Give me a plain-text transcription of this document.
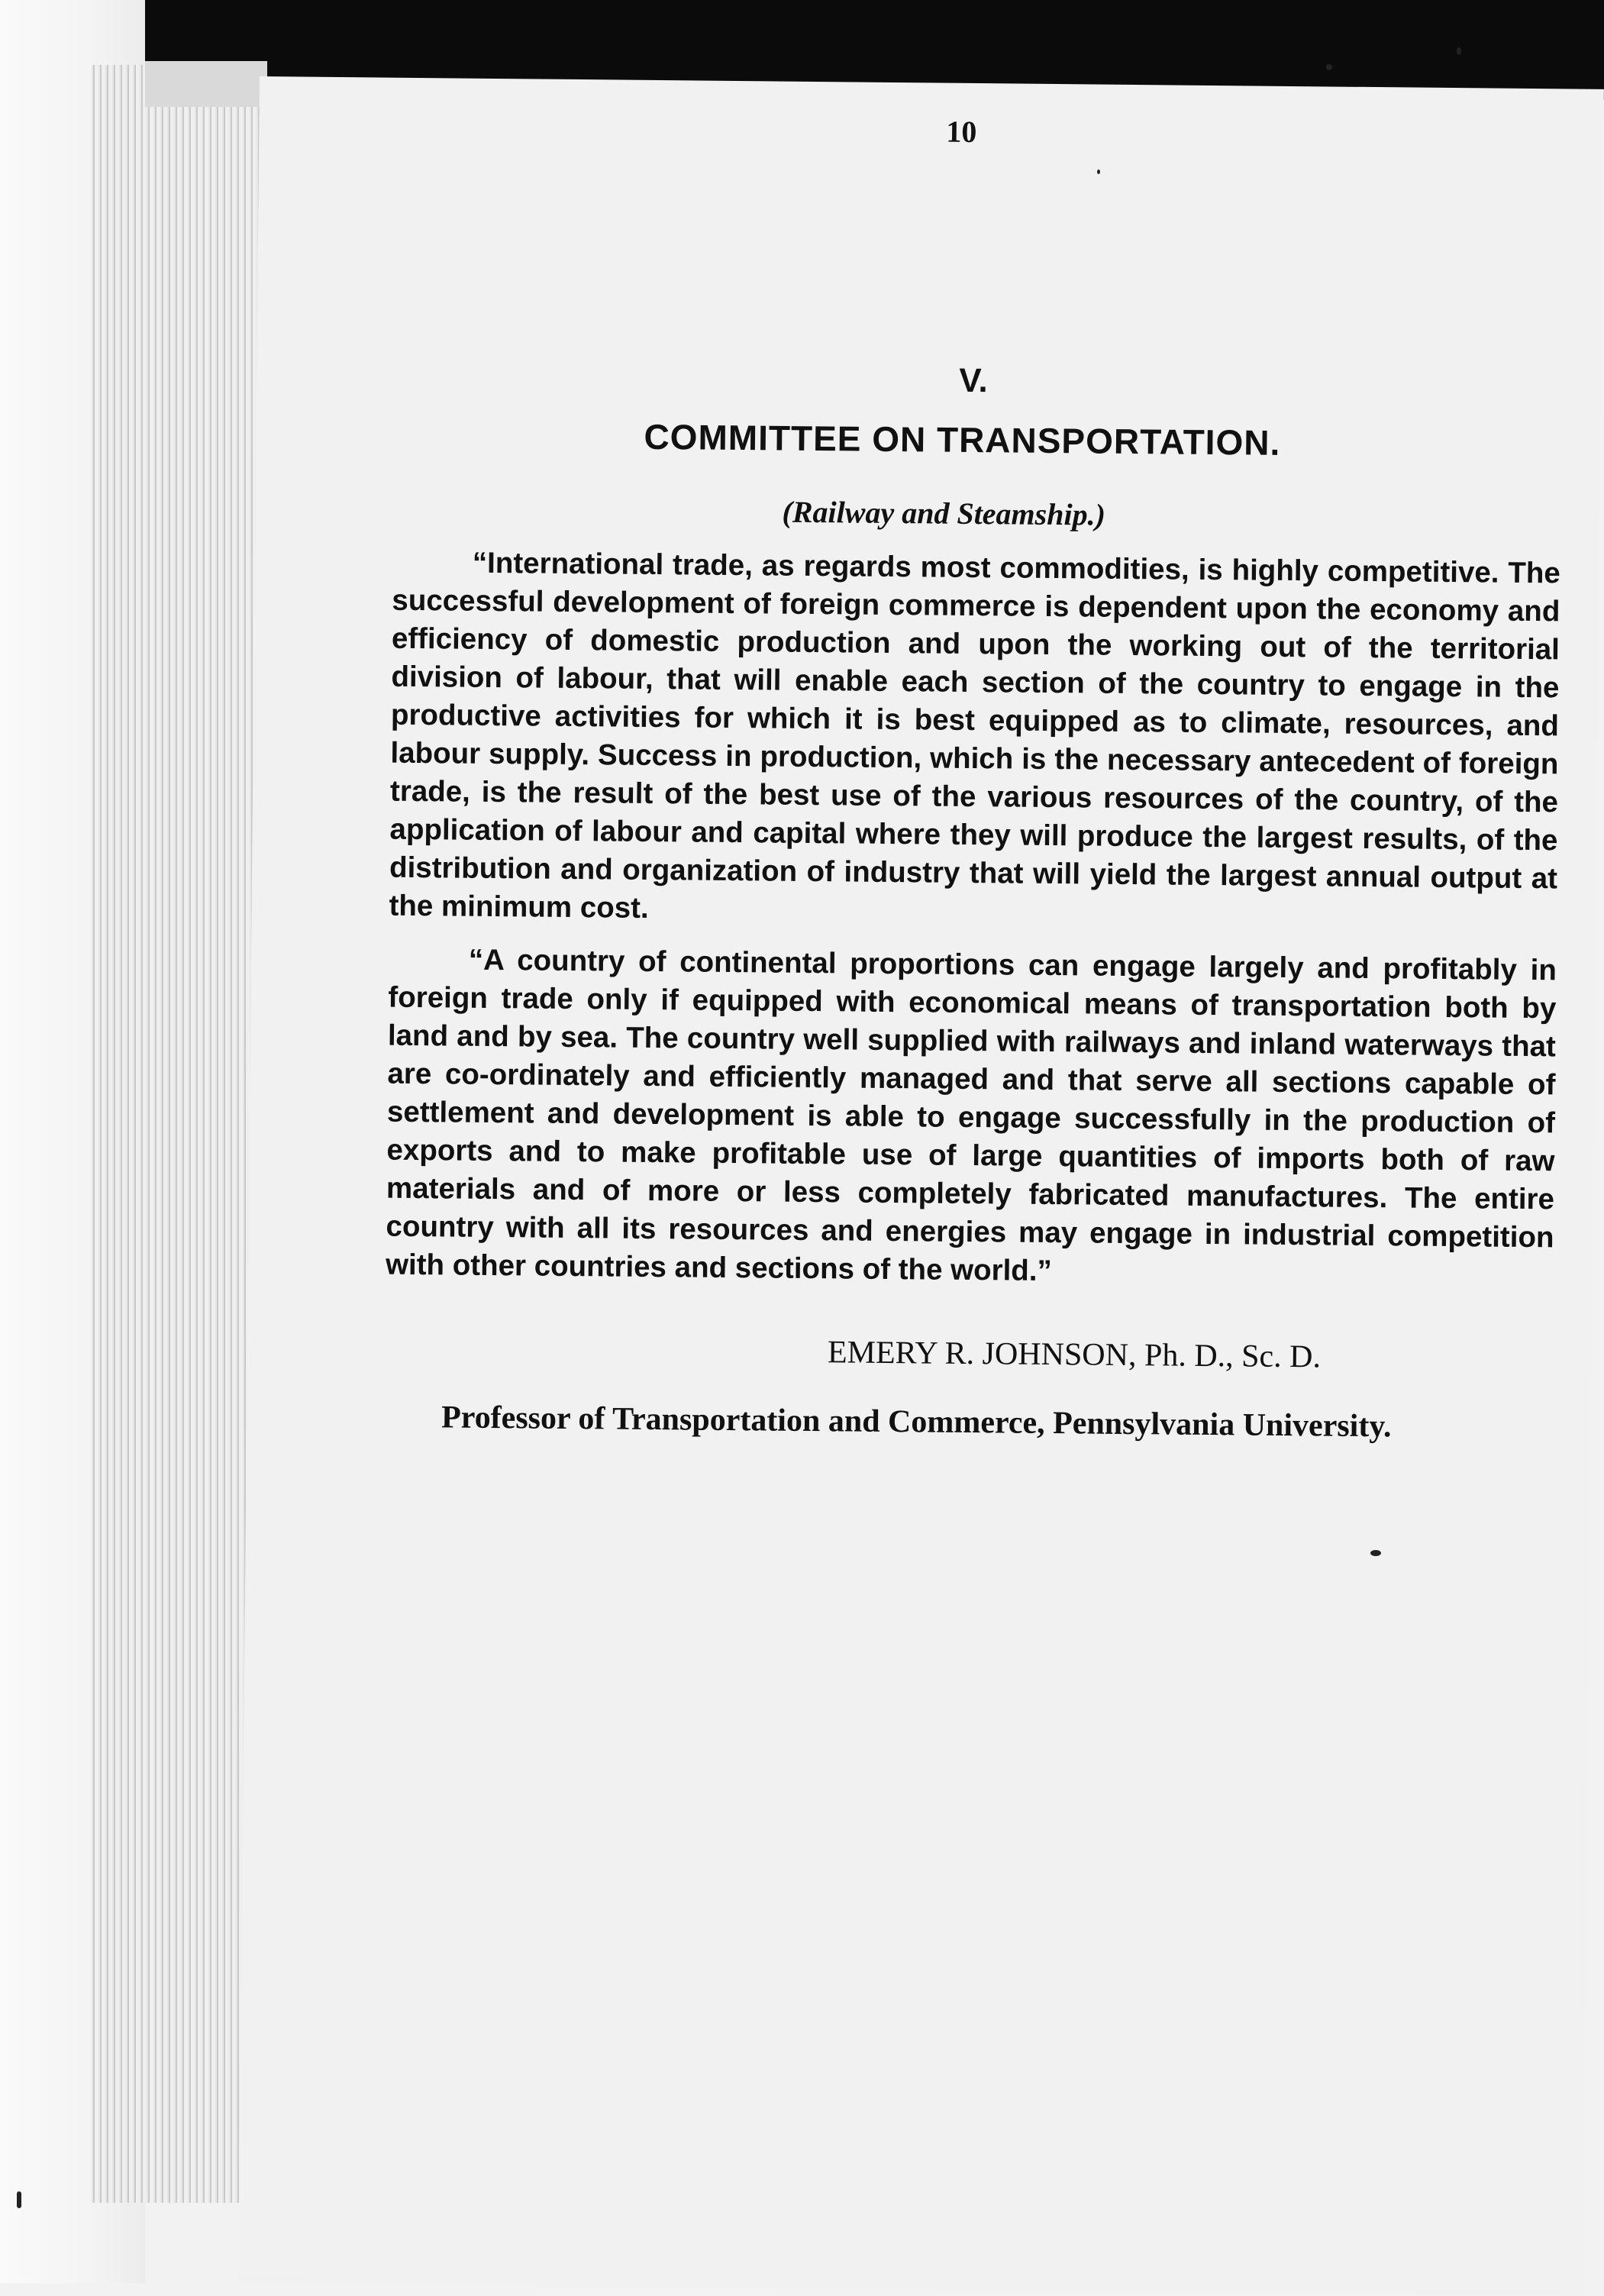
10
V.
COMMITTEE ON TRANSPORTATION.
(Railway and Steamship.)

“International trade, as regards most commodities, is highly competitive. The successful development of foreign commerce is dependent upon the economy and efficiency of domestic production and upon the working out of the territorial division of labour, that will enable each section of the country to engage in the productive activities for which it is best equipped as to climate, resources, and labour supply. Success in production, which is the necessary antecedent of foreign trade, is the result of the best use of the various resources of the country, of the application of labour and capital where they will produce the largest results, of the distribution and organization of industry that will yield the largest annual output at the minimum cost.

“A country of continental proportions can engage largely and profitably in foreign trade only if equipped with economical means of transportation both by land and by sea. The country well supplied with railways and inland waterways that are co-ordinately and efficiently managed and that serve all sections capable of settlement and development is able to engage successfully in the production of exports and to make profitable use of large quantities of imports both of raw materials and of more or less completely fabricated manufactures. The entire country with all its resources and energies may engage in industrial competition with other countries and sections of the world.”

EMERY R. JOHNSON, Ph. D., Sc. D.
Professor of Transportation and Commerce, Pennsylvania University.
